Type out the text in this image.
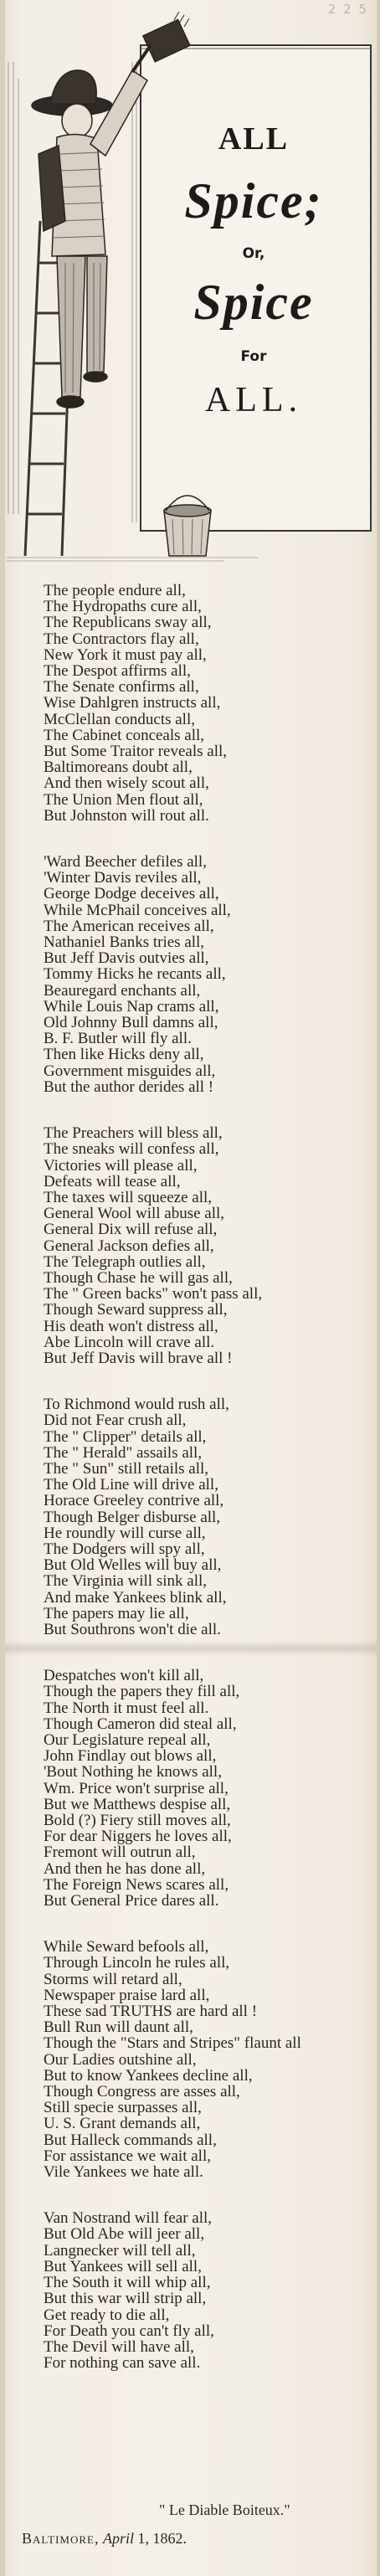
2 2 5
ALL
Spice;
Or,
Spice
For
ALL.
The people endure all,
The Hydropaths cure all,
The Republicans sway all,
The Contractors flay all,
New York it must pay all,
The Despot affirms all,
The Senate confirms all,
Wise Dahlgren instructs all,
McClellan conducts all,
The Cabinet conceals all,
But Some Traitor reveals all,
Baltimoreans doubt all,
And then wisely scout all,
The Union Men flout all,
But Johnston will rout all.
'Ward Beecher defiles all,
'Winter Davis reviles all,
George Dodge deceives all,
While McPhail conceives all,
The American receives all,
Nathaniel Banks tries all,
But Jeff Davis outvies all,
Tommy Hicks he recants all,
Beauregard enchants all,
While Louis Nap crams all,
Old Johnny Bull damns all,
B. F. Butler will fly all.
Then like Hicks deny all,
Government misguides all,
But the author derides all !
The Preachers will bless all,
The sneaks will confess all,
Victories will please all,
Defeats will tease all,
The taxes will squeeze all,
General Wool will abuse all,
General Dix will refuse all,
General Jackson defies all,
The Telegraph outlies all,
Though Chase he will gas all,
The " Green backs" won't pass all,
Though Seward suppress all,
His death won't distress all,
Abe Lincoln will crave all.
But Jeff Davis will brave all !
To Richmond would rush all,
Did not Fear crush all,
The " Clipper" details all,
The " Herald" assails all,
The " Sun" still retails all,
The Old Line will drive all,
Horace Greeley contrive all,
Though Belger disburse all,
He roundly will curse all,
The Dodgers will spy all,
But Old Welles will buy all,
The Virginia will sink all,
And make Yankees blink all,
The papers may lie all,
But Southrons won't die all.
Despatches won't kill all,
Though the papers they fill all,
The North it must feel all.
Though Cameron did steal all,
Our Legislature repeal all,
John Findlay out blows all,
'Bout Nothing he knows all,
Wm. Price won't surprise all,
But we Matthews despise all,
Bold (?) Fiery still moves all,
For dear Niggers he loves all,
Fremont will outrun all,
And then he has done all,
The Foreign News scares all,
But General Price dares all.
While Seward befools all,
Through Lincoln he rules all,
Storms will retard all,
Newspaper praise lard all,
These sad TRUTHS are hard all !
Bull Run will daunt all,
Though the "Stars and Stripes" flaunt all
Our Ladies outshine all,
But to know Yankees decline all,
Though Congress are asses all,
Still specie surpasses all,
U. S. Grant demands all,
But Halleck commands all,
For assistance we wait all,
Vile Yankees we hate all.
Van Nostrand will fear all,
But Old Abe will jeer all,
Langnecker will tell all,
But Yankees will sell all,
The South it will whip all,
But this war will strip all,
Get ready to die all,
For Death you can't fly all,
The Devil will have all,
For nothing can save all.
" Le Diable Boiteux."
Baltimore, April 1, 1862.
